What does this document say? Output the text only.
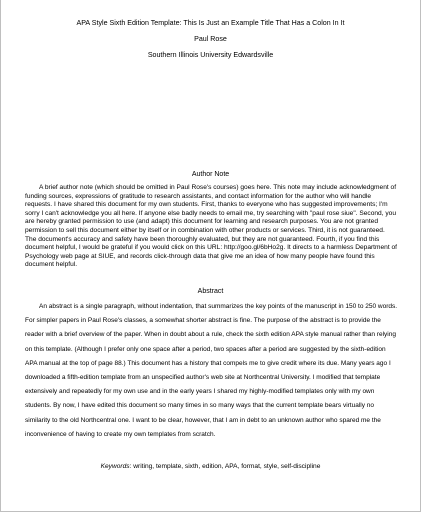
APA Style Sixth Edition Template: This Is Just an Example Title That Has a Colon In It

Paul Rose

Southern Illinois University Edwardsville

Author Note

A brief author note (which should be omitted in Paul Rose's courses) goes here. This note may include acknowledgment of funding sources, expressions of gratitude to research assistants, and contact information for the author who will handle requests. I have shared this document for my own students. First, thanks to everyone who has suggested improvements; I'm sorry I can't acknowledge you all here. If anyone else badly needs to email me, try searching with "paul rose siue". Second, you are hereby granted permission to use (and adapt) this document for learning and research purposes. You are not granted permission to sell this document either by itself or in combination with other products or services. Third, it is not guaranteed. The document's accuracy and safety have been thoroughly evaluated, but they are not guaranteed. Fourth, if you find this document helpful, I would be grateful if you would click on this URL: http://goo.gl/6bHo2g. It directs to a harmless Department of Psychology web page at SIUE, and records click-through data that give me an idea of how many people have found this document helpful.

Abstract

An abstract is a single paragraph, without indentation, that summarizes the key points of the manuscript in 150 to 250 words. For simpler papers in Paul Rose's classes, a somewhat shorter abstract is fine. The purpose of the abstract is to provide the reader with a brief overview of the paper. When in doubt about a rule, check the sixth edition APA style manual rather than relying on this template. (Although I prefer only one space after a period, two spaces after a period are suggested by the sixth-edition APA manual at the top of page 88.) This document has a history that compels me to give credit where its due. Many years ago I downloaded a fifth-edition template from an unspecified author's web site at Northcentral University. I modified that template extensively and repeatedly for my own use and in the early years I shared my highly-modified templates only with my own students. By now, I have edited this document so many times in so many ways that the current template bears virtually no similarity to the old Northcentral one. I want to be clear, however, that I am in debt to an unknown author who spared me the inconvenience of having to create my own templates from scratch.

Keywords: writing, template, sixth, edition, APA, format, style, self-discipline
